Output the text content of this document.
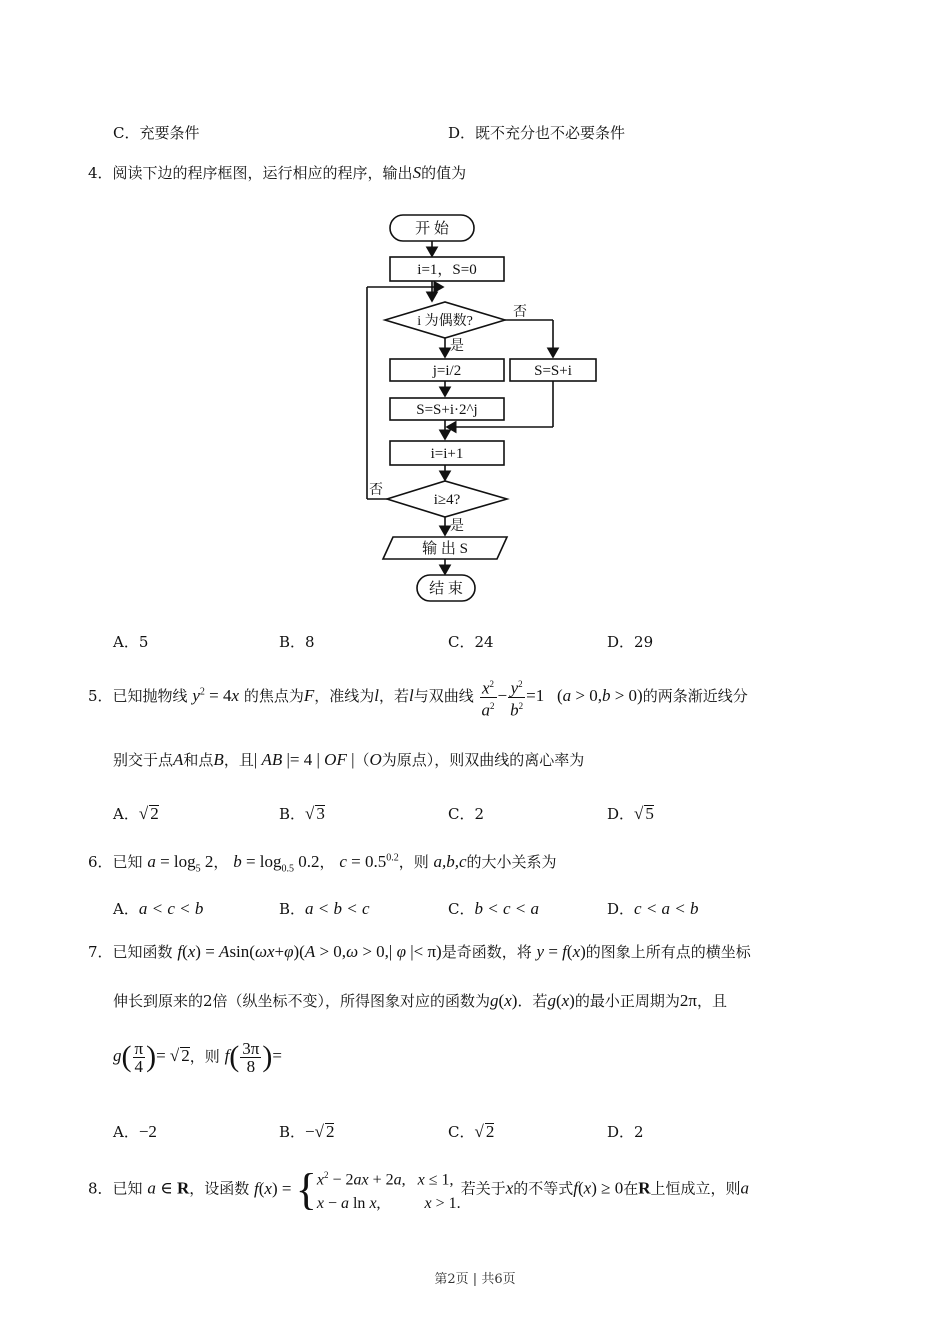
C．充要条件	D．既不充分也不必要条件
4．阅读下边的程序框图，运行相应的程序，输出S的值为
开 始
i=1，S=0
i 为偶数?
否
是
j=i/2
S=S+i·2^j
S=S+i
i=i+1
i≥4?
否
是
输 出 S
结 束
A．5	B．8	C．24	D．29
5．已知抛物线 $y^2 = 4x$ 的焦点为F，准线为l，若l与双曲线 $\frac{x^2}{a^2} - \frac{y^2}{b^2} =1$   (a > 0,b > 0)的两条渐近线分
别交于点A和点B，且| AB |= 4 | OF |（O为原点），则双曲线的离心率为
A．√ 2	B．√ 3	C．2	D．√ 5
6．已知 $a = \log_5 2$， $b = \log_{0.5} 0.2$， $c = 0.5^{0.2}$，则 a,b,c的大小关系为
A．a < c < b	B．a < b < c	C．b < c < a	D．c < a < b
7．已知函数 f(x) = Asin(ωx+φ)(A > 0,ω > 0,| φ |< π)是奇函数，将 y = f(x)的图象上所有点的横坐标
伸长到原来的2倍（纵坐标不变），所得图象对应的函数为g(x)．若g(x)的最小正周期为2π，且
$g( \frac{\pi}{4}$ )= √ 2，则 $f( \frac{3\pi}{8}$ )=
A．−2	B．−√ 2	C．√ 2	D．2
8．已知 a ∈ R，设函数 f(x) = { $x^2 - 2ax + 2a$,   x ≤ 1,
x − a ln x,           x > 1.
若关于x的不等式f(x) ≥ 0在R上恒成立，则a
第2页 | 共6页
